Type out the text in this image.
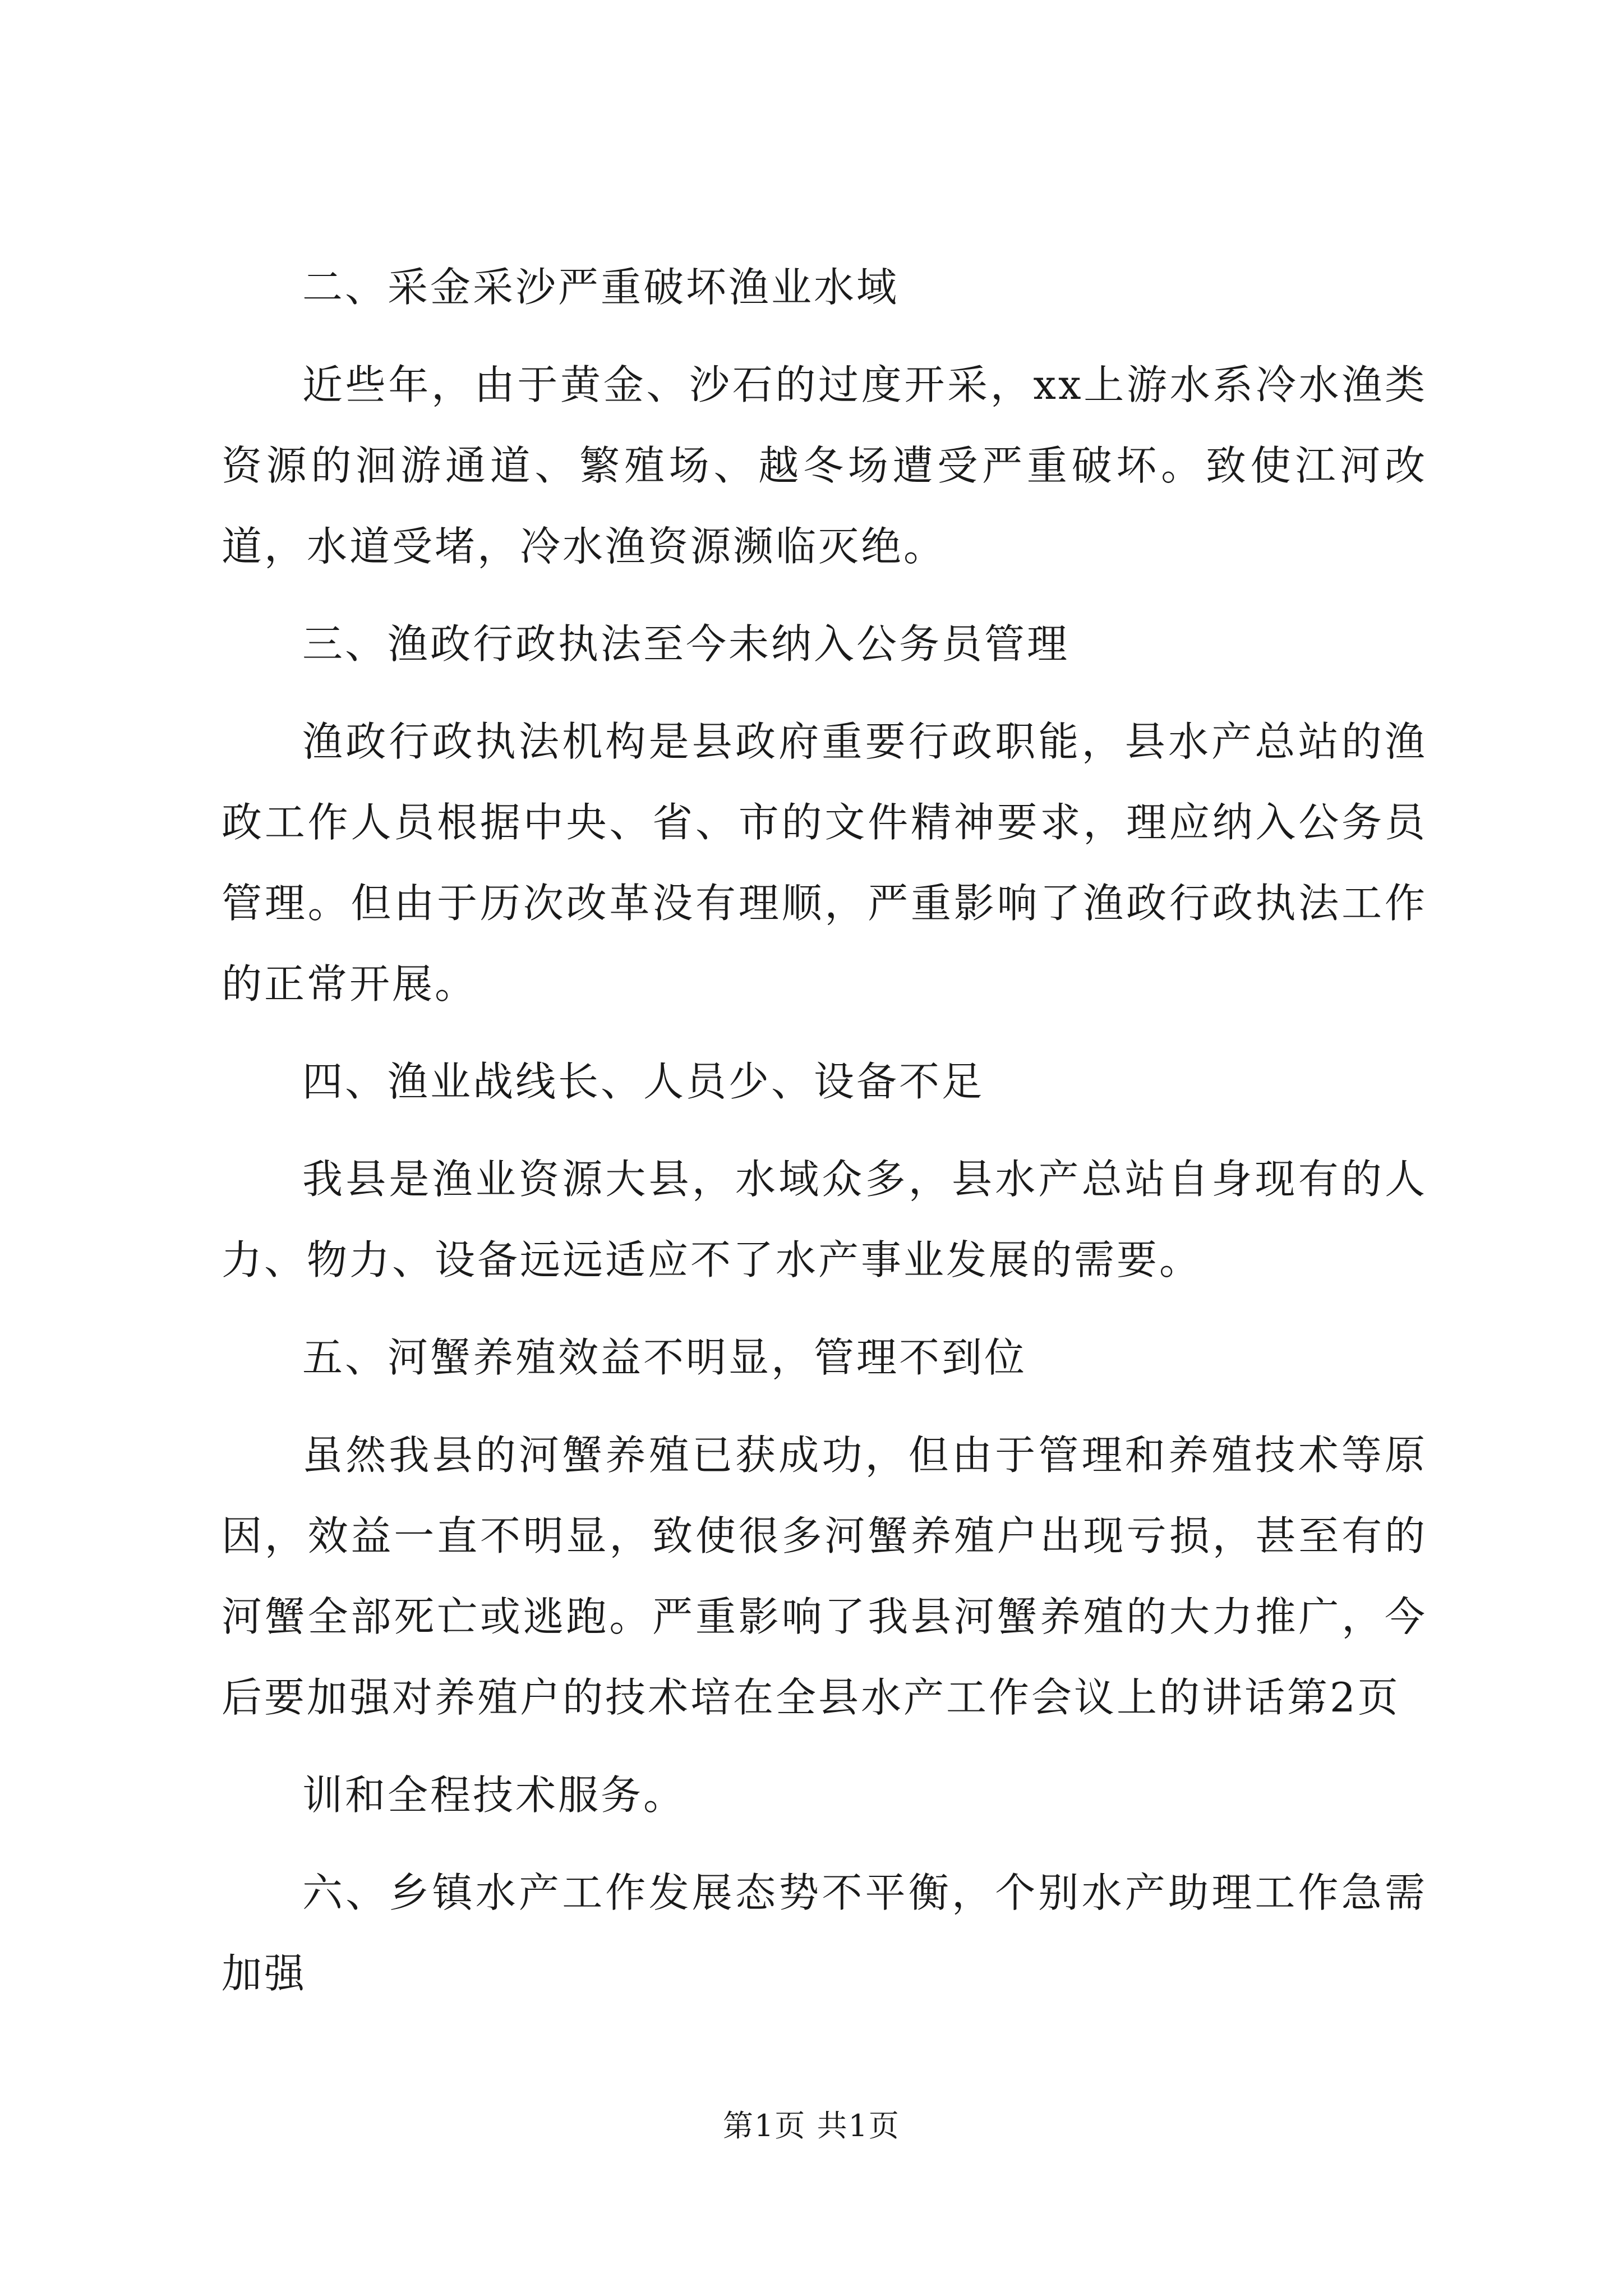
二、采金采沙严重破坏渔业水域

近些年，由于黄金、沙石的过度开采，xx上游水系冷水渔类资源的洄游通道、繁殖场、越冬场遭受严重破坏。致使江河改道，水道受堵，冷水渔资源濒临灭绝。

三、渔政行政执法至今未纳入公务员管理

渔政行政执法机构是县政府重要行政职能，县水产总站的渔政工作人员根据中央、省、市的文件精神要求，理应纳入公务员管理。但由于历次改革没有理顺，严重影响了渔政行政执法工作的正常开展。

四、渔业战线长、人员少、设备不足

我县是渔业资源大县，水域众多，县水产总站自身现有的人力、物力、设备远远适应不了水产事业发展的需要。

五、河蟹养殖效益不明显，管理不到位

虽然我县的河蟹养殖已获成功，但由于管理和养殖技术等原因，效益一直不明显，致使很多河蟹养殖户出现亏损，甚至有的河蟹全部死亡或逃跑。严重影响了我县河蟹养殖的大力推广，今后要加强对养殖户的技术培在全县水产工作会议上的讲话第2页

训和全程技术服务。

六、乡镇水产工作发展态势不平衡，个别水产助理工作急需加强

第1页 共1页
